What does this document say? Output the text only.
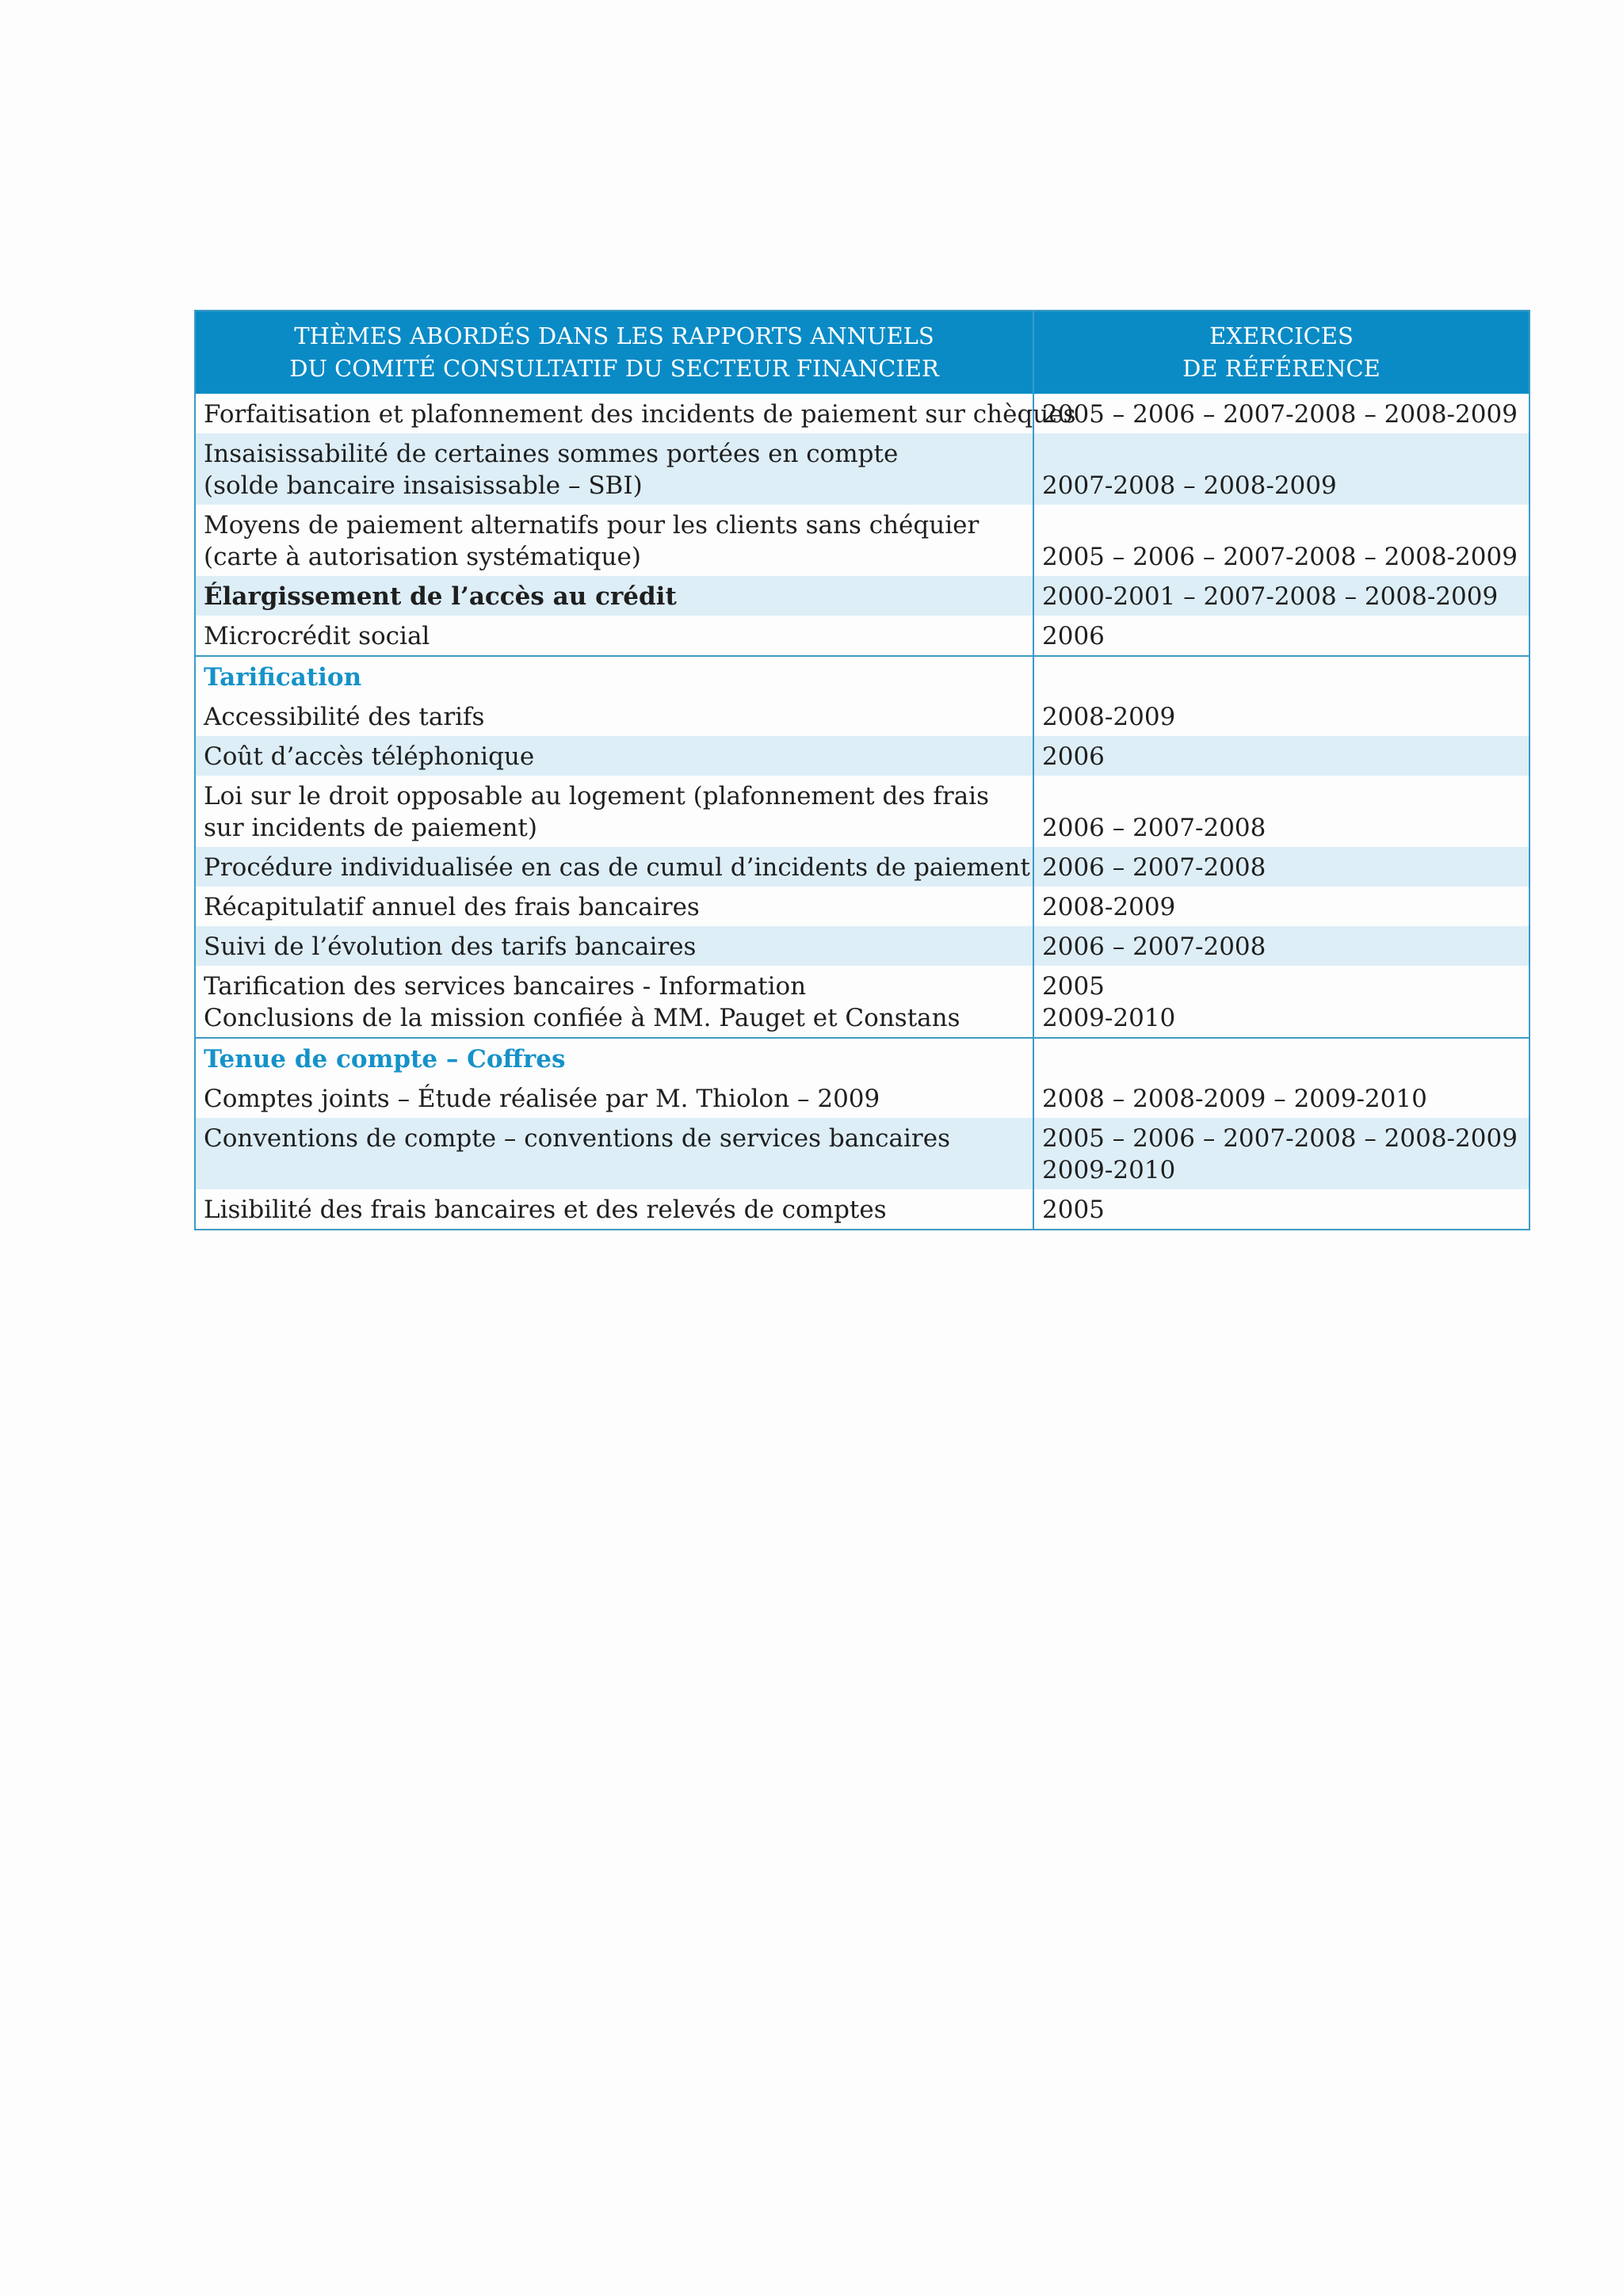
THÈMES ABORDÉS DANS LES RAPPORTS ANNUELS
DU COMITÉ CONSULTATIF DU SECTEUR FINANCIER	EXERCICES
DE RÉFÉRENCE

Forfaitisation et plafonnement des incidents de paiement sur chèques	2005 – 2006 – 2007-2008 – 2008-2009

Insaisissabilité de certaines sommes portées en compte
(solde bancaire insaisissable – SBI)	2007-2008 – 2008-2009

Moyens de paiement alternatifs pour les clients sans chéquier
(carte à autorisation systématique)	2005 – 2006 – 2007-2008 – 2008-2009

Élargissement de l’accès au crédit	2000-2001 – 2007-2008 – 2008-2009

Microcrédit social	2006

Tarification	

Accessibilité des tarifs	2008-2009

Coût d’accès téléphonique	2006

Loi sur le droit opposable au logement (plafonnement des frais
sur incidents de paiement)	2006 – 2007-2008

Procédure individualisée en cas de cumul d’incidents de paiement	2006 – 2007-2008

Récapitulatif annuel des frais bancaires	2008-2009

Suivi de l’évolution des tarifs bancaires	2006 – 2007-2008

Tarification des services bancaires - Information
Conclusions de la mission confiée à MM. Pauget et Constans	2005
2009-2010

Tenue de compte – Coffres	

Comptes joints – Étude réalisée par M. Thiolon – 2009	2008 – 2008-2009 – 2009-2010

Conventions de compte – conventions de services bancaires	2005 – 2006 – 2007-2008 – 2008-2009
2009-2010

Lisibilité des frais bancaires et des relevés de comptes	2005
